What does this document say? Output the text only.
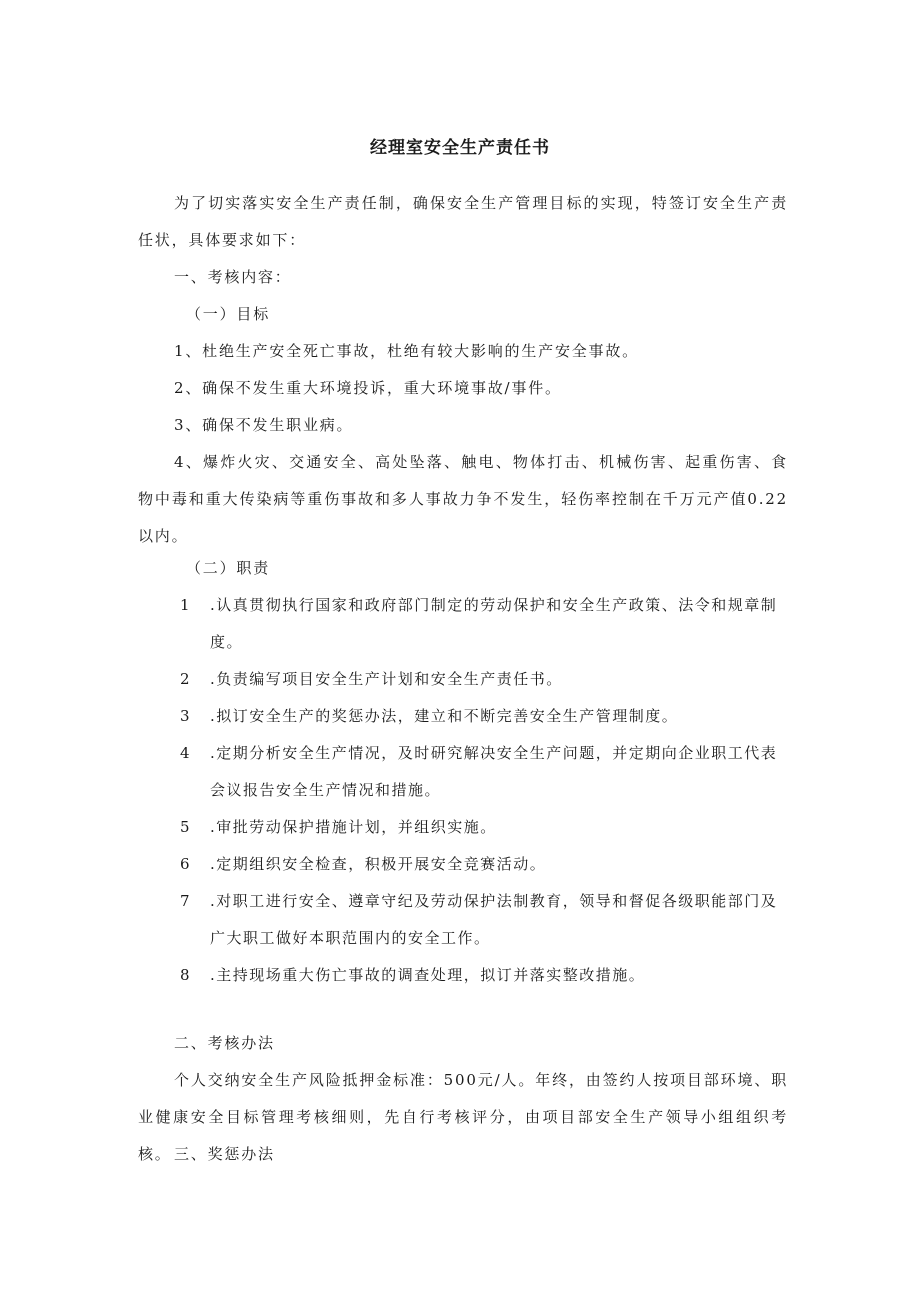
经理室安全生产责任书
为了切实落实安全生产责任制，确保安全生产管理目标的实现，特签订安全生产责任状，具体要求如下：
一、考核内容：
（一）目标
1、杜绝生产安全死亡事故，杜绝有较大影响的生产安全事故。
2、确保不发生重大环境投诉，重大环境事故/事件。
3、确保不发生职业病。
4、爆炸火灾、交通安全、高处坠落、触电、物体打击、机械伤害、起重伤害、食物中毒和重大传染病等重伤事故和多人事故力争不发生，轻伤率控制在千万元产值0.22以内。
（二）职责
1	.认真贯彻执行国家和政府部门制定的劳动保护和安全生产政策、法令和规章制度。
2	.负责编写项目安全生产计划和安全生产责任书。
3	.拟订安全生产的奖惩办法，建立和不断完善安全生产管理制度。
4	.定期分析安全生产情况，及时研究解决安全生产问题，并定期向企业职工代表会议报告安全生产情况和措施。
5	.审批劳动保护措施计划，并组织实施。
6	.定期组织安全检查，积极开展安全竞赛活动。
7	.对职工进行安全、遵章守纪及劳动保护法制教育，领导和督促各级职能部门及广大职工做好本职范围内的安全工作。
8	.主持现场重大伤亡事故的调查处理，拟订并落实整改措施。
二、考核办法
个人交纳安全生产风险抵押金标准：500元/人。年终，由签约人按项目部环境、职业健康安全目标管理考核细则，先自行考核评分，由项目部安全生产领导小组组织考核。 三、奖惩办法
